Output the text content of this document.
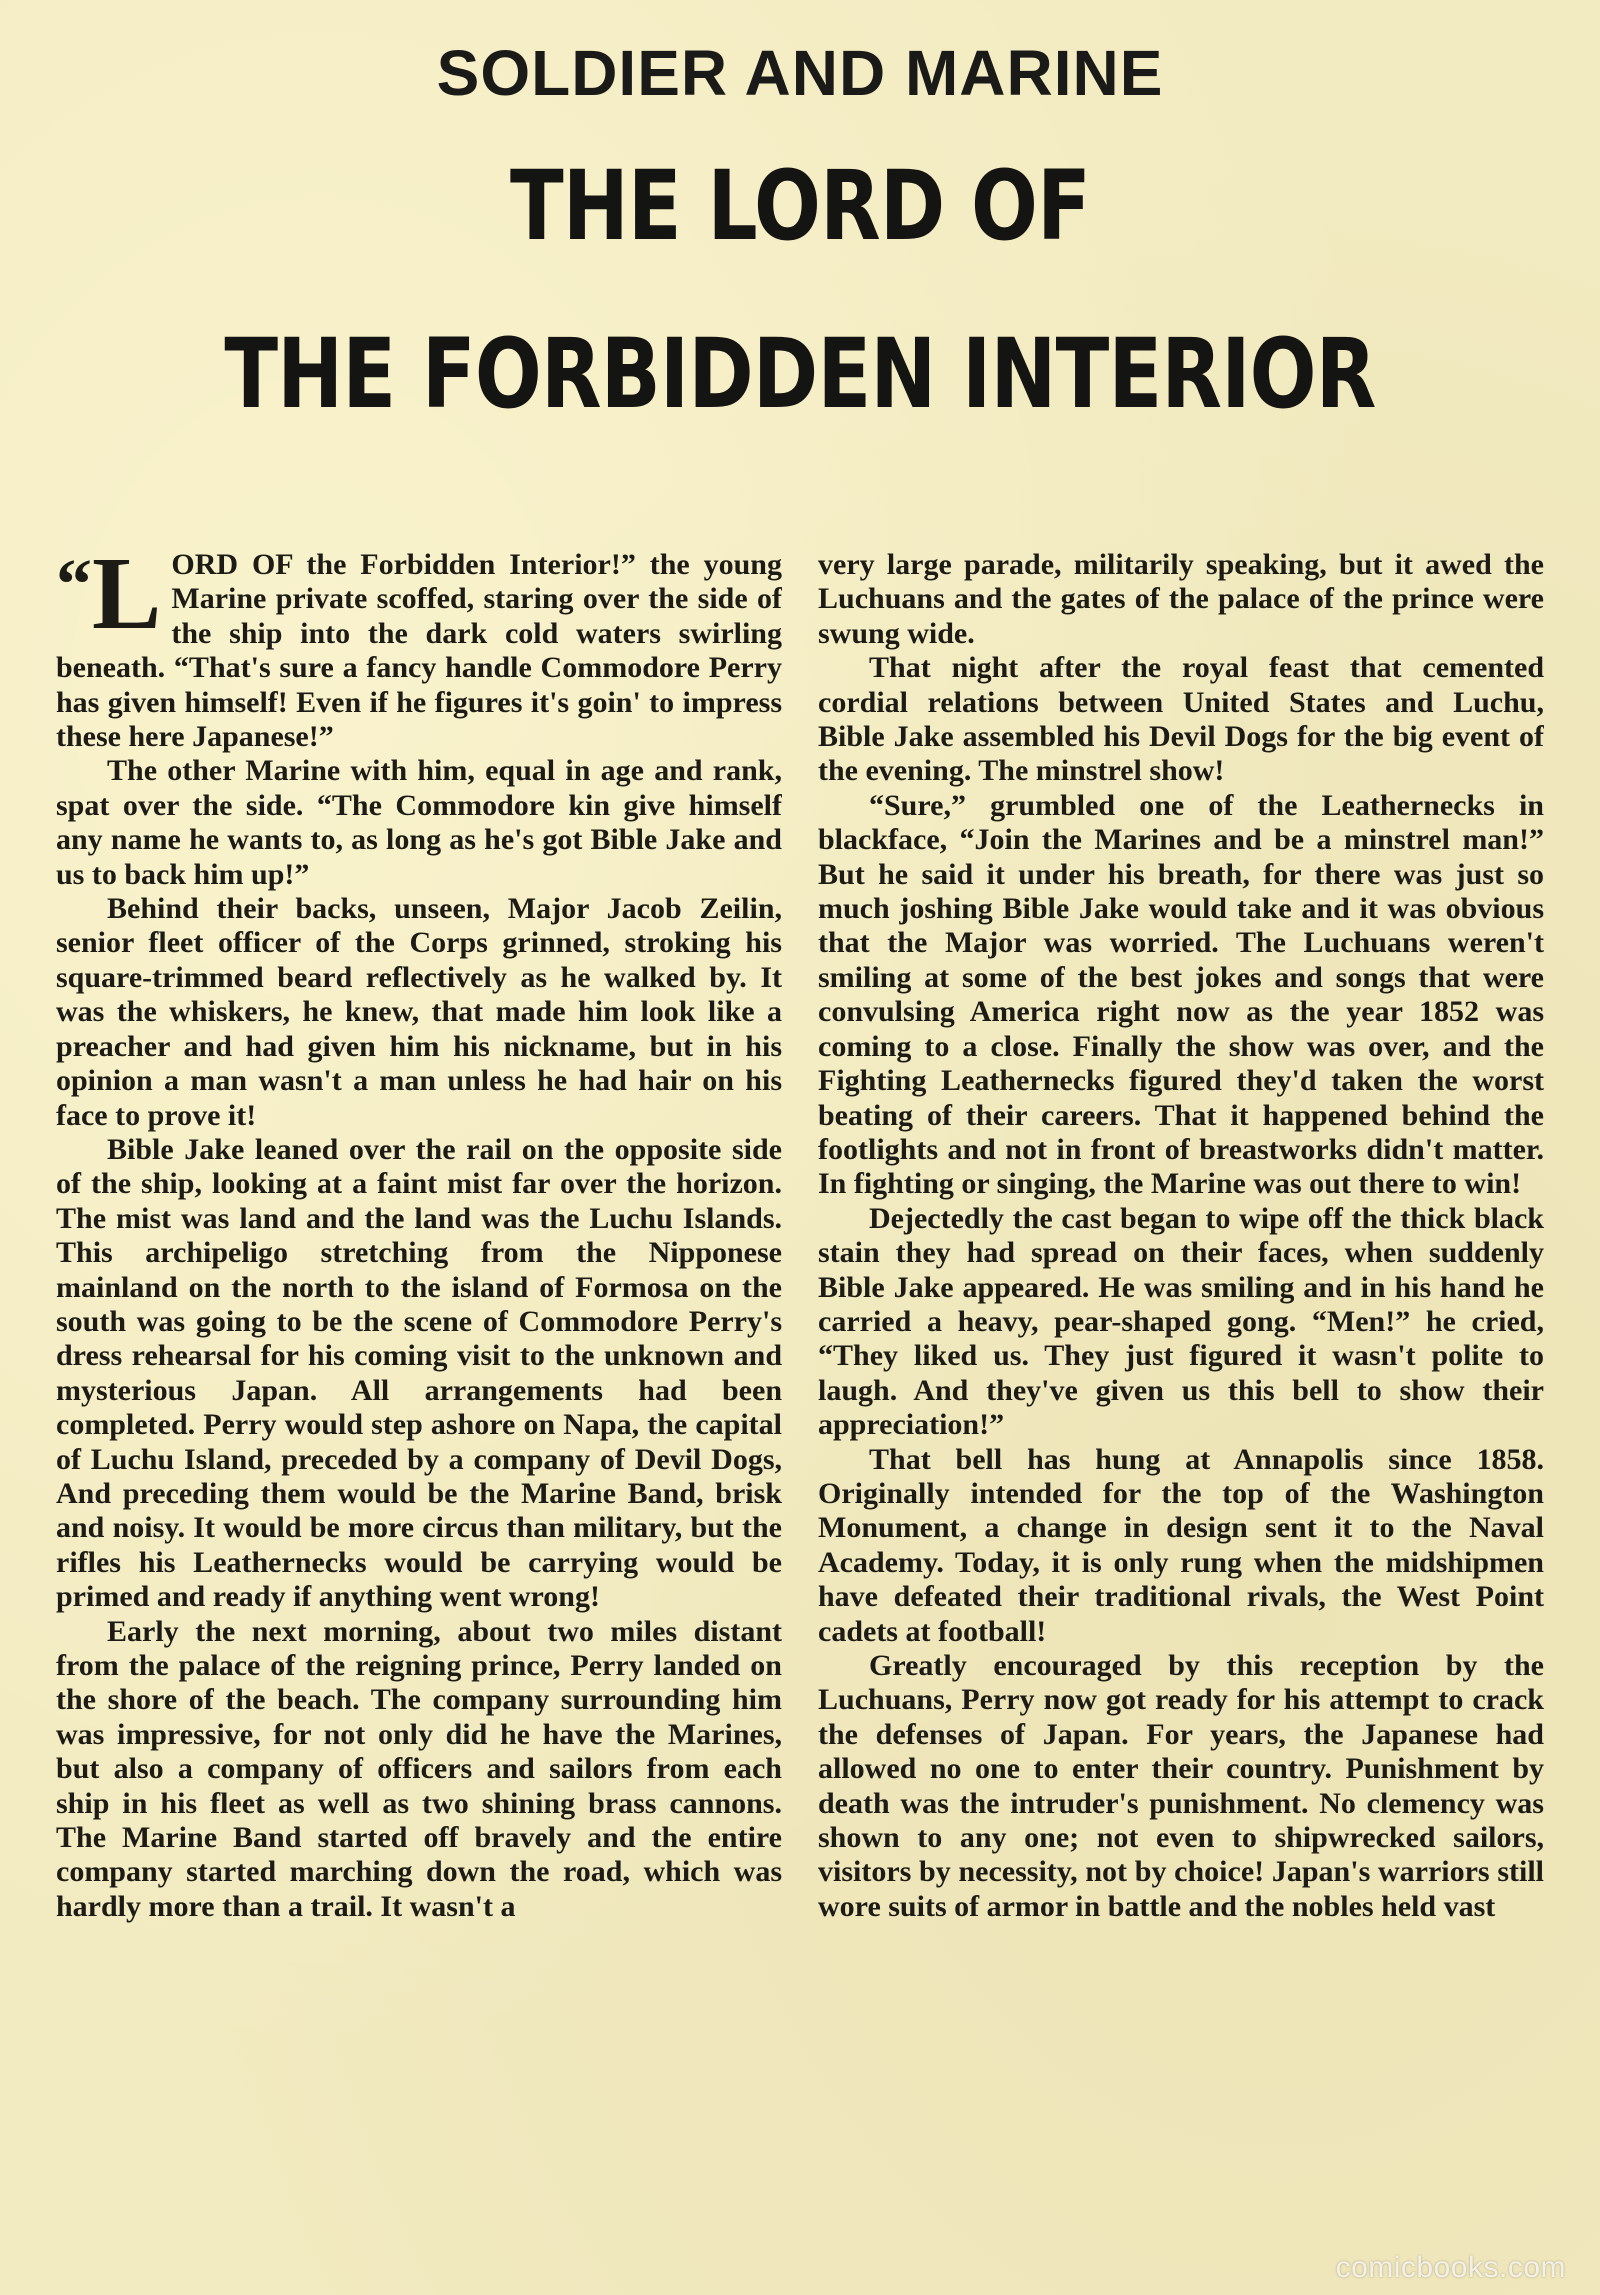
SOLDIER AND MARINE
THE LORD OF
THE FORBIDDEN INTERIOR

“L ORD OF the Forbidden Interior!” the young Marine private scoffed, staring over the side of the ship into the dark cold waters swirling beneath. “That's sure a fancy handle Commodore Perry has given himself! Even if he figures it's goin' to impress these here Japanese!”

The other Marine with him, equal in age and rank, spat over the side. “The Commodore kin give himself any name he wants to, as long as he's got Bible Jake and us to back him up!”

Behind their backs, unseen, Major Jacob Zeilin, senior fleet officer of the Corps grinned, stroking his square-trimmed beard reflectively as he walked by. It was the whiskers, he knew, that made him look like a preacher and had given him his nickname, but in his opinion a man wasn't a man unless he had hair on his face to prove it!

Bible Jake leaned over the rail on the opposite side of the ship, looking at a faint mist far over the horizon. The mist was land and the land was the Luchu Islands. This archipeligo stretching from the Nipponese mainland on the north to the island of Formosa on the south was going to be the scene of Commodore Perry's dress rehearsal for his coming visit to the unknown and mysterious Japan. All arrangements had been completed. Perry would step ashore on Napa, the capital of Luchu Island, preceded by a company of Devil Dogs, And preceding them would be the Marine Band, brisk and noisy. It would be more circus than military, but the rifles his Leathernecks would be carrying would be primed and ready if anything went wrong!

Early the next morning, about two miles distant from the palace of the reigning prince, Perry landed on the shore of the beach. The company surrounding him was impressive, for not only did he have the Marines, but also a company of officers and sailors from each ship in his fleet as well as two shining brass cannons. The Marine Band started off bravely and the entire company started marching down the road, which was hardly more than a trail. It wasn't a

very large parade, militarily speaking, but it awed the Luchuans and the gates of the palace of the prince were swung wide.

That night after the royal feast that cemented cordial relations between United States and Luchu, Bible Jake assembled his Devil Dogs for the big event of the evening. The minstrel show!

“Sure,” grumbled one of the Leathernecks in blackface, “Join the Marines and be a minstrel man!” But he said it under his breath, for there was just so much joshing Bible Jake would take and it was obvious that the Major was worried. The Luchuans weren't smiling at some of the best jokes and songs that were convulsing America right now as the year 1852 was coming to a close. Finally the show was over, and the Fighting Leathernecks figured they'd taken the worst beating of their careers. That it happened behind the footlights and not in front of breastworks didn't matter. In fighting or singing, the Marine was out there to win!

Dejectedly the cast began to wipe off the thick black stain they had spread on their faces, when suddenly Bible Jake appeared. He was smiling and in his hand he carried a heavy, pear-shaped gong. “Men!” he cried, “They liked us. They just figured it wasn't polite to laugh. And they've given us this bell to show their appreciation!”

That bell has hung at Annapolis since 1858. Originally intended for the top of the Washington Monument, a change in design sent it to the Naval Academy. Today, it is only rung when the midshipmen have defeated their traditional rivals, the West Point cadets at football!

Greatly encouraged by this reception by the Luchuans, Perry now got ready for his attempt to crack the defenses of Japan. For years, the Japanese had allowed no one to enter their country. Punishment by death was the intruder's punishment. No clemency was shown to any one; not even to shipwrecked sailors, visitors by necessity, not by choice! Japan's warriors still wore suits of armor in battle and the nobles held vast

comicbooks.com
